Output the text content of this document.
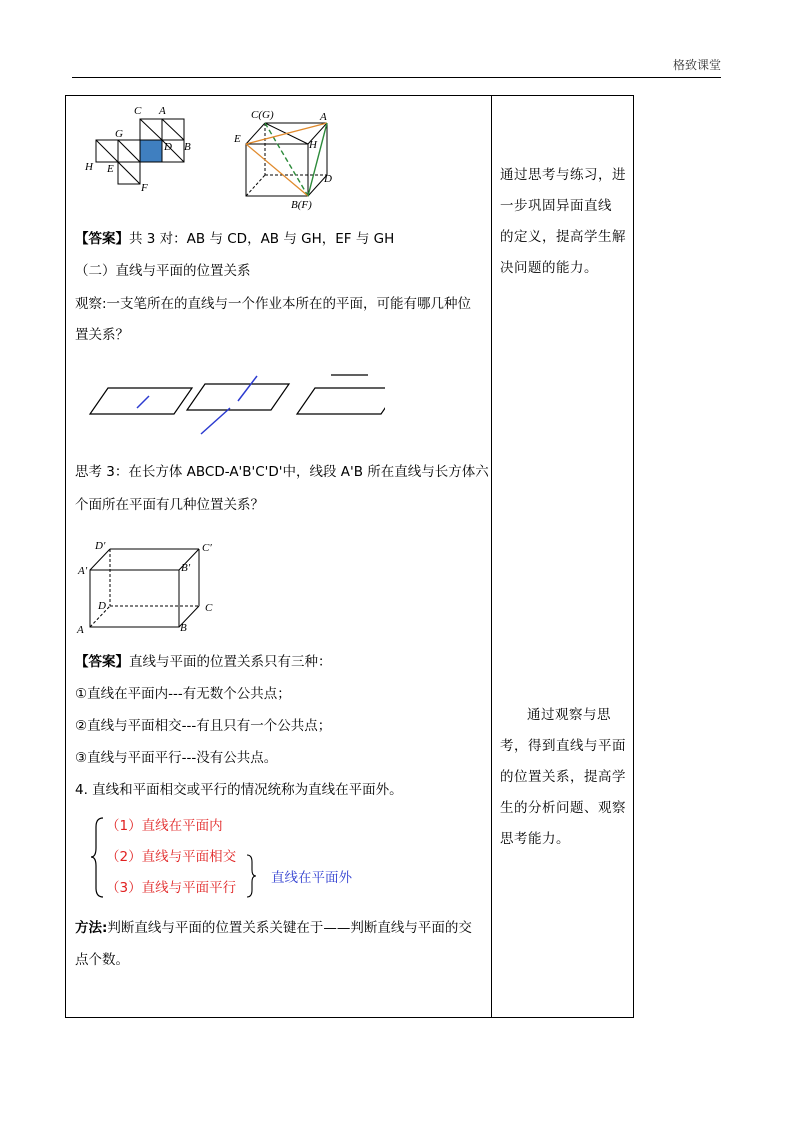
格致课堂
C A
G
D B
H E
F
C(G)	A
E	H
D
B(F)
【答案】共 3 对：AB 与 CD，AB 与 GH，EF 与 GH
（二）直线与平面的位置关系
观察:一支笔所在的直线与一个作业本所在的平面，可能有哪几种位
置关系？
思考 3：在长方体 ABCD-A'B'C'D'中，线段 A'B 所在直线与长方体六
个面所在平面有几种位置关系？
D′	C′
A′	B′
D	C
A	B
【答案】直线与平面的位置关系只有三种：
①直线在平面内---有无数个公共点；
②直线与平面相交---有且只有一个公共点；
③直线与平面平行---没有公共点。
4. 直线和平面相交或平行的情况统称为直线在平面外。
（1）直线在平面内
（2）直线与平面相交
（3）直线与平面平行
直线在平面外
方法:判断直线与平面的位置关系关键在于——判断直线与平面的交
点个数。
通过思考与练习，进
一步巩固异面直线
的定义，提高学生解
决问题的能力。
通过观察与思
考，得到直线与平面
的位置关系，提高学
生的分析问题、观察
思考能力。
